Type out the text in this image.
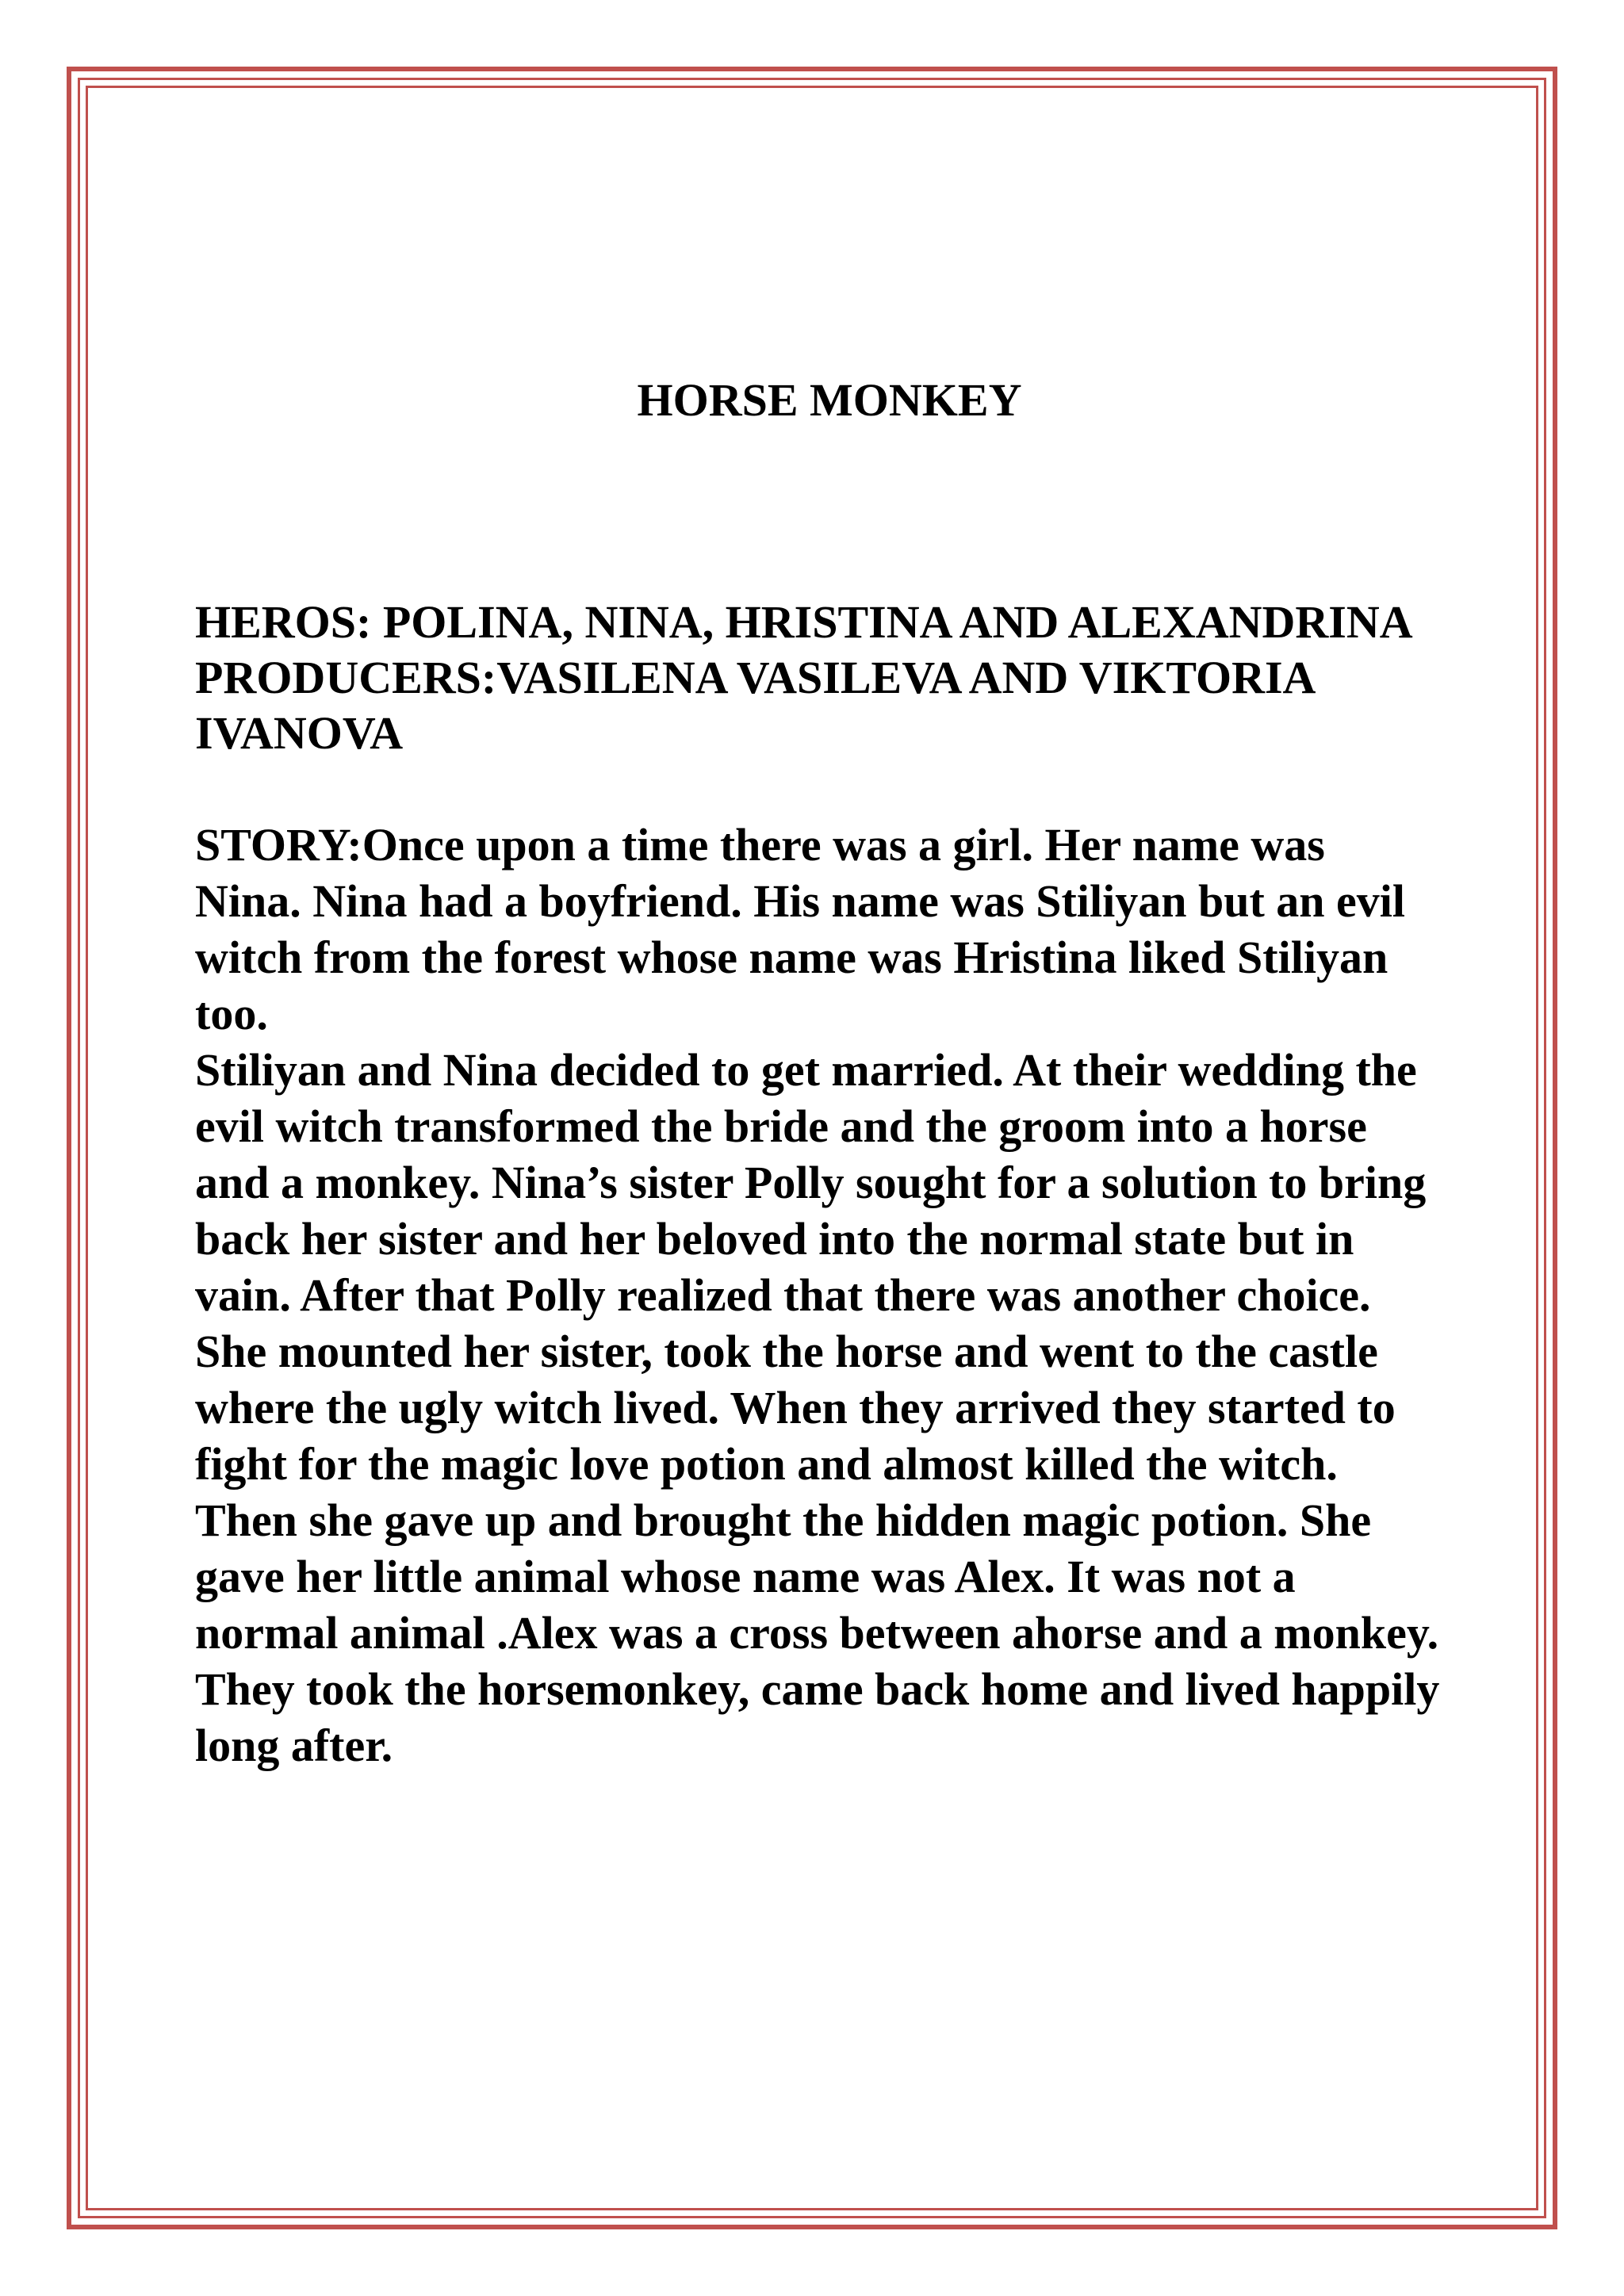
HORSE MONKEY

HEROS: POLINA, NINA, HRISTINA AND ALEXANDRINA

PRODUCERS:VASILENA VASILEVA AND VIKTORIA IVANOVA

STORY:Once upon a time there was a girl. Her name was Nina. Nina had a boyfriend. His name was Stiliyan but an evil witch from the forest whose name was Hristina liked Stiliyan too.

Stiliyan and Nina decided to get married. At their wedding the evil witch transformed the bride and the groom into a horse and a monkey. Nina’s sister Polly sought for a solution to bring back her sister and her beloved into the normal state but in vain. After that Polly realized that there was another choice. She mounted her sister, took the horse and went to the castle where the ugly witch lived. When they arrived they started to fight for the magic love potion and almost killed the witch. Then she gave up and brought the hidden magic potion. She gave her little animal whose name was Alex. It was not a normal animal .Alex was a cross between ahorse and a monkey. They took the horsemonkey, came back home and lived happily long after.
